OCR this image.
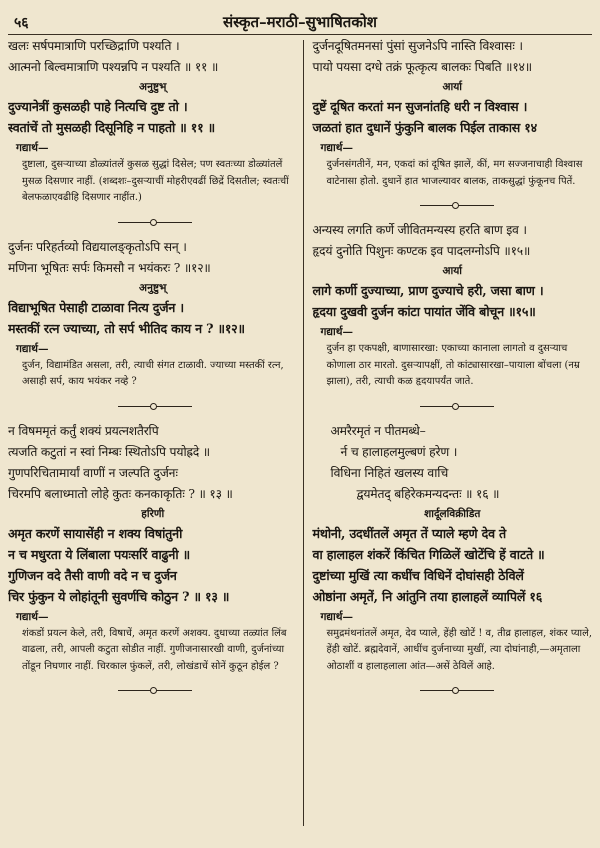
५६	संस्कृत–मराठी–सुभाषितकोश
खलः सर्षपमात्राणि परच्छिद्राणि पश्यति ।
आत्मनो बिल्वमात्राणि पश्यन्नपि न पश्यति ॥ ११ ॥
अनुष्टुभ्
दुज्यानेत्रीं कुसळही पाहे नित्यचि दुष्ट तो ।
स्वतांचें तो मुसळही दिसूनिहि न पाहतो ॥ ११ ॥
गद्यार्थ—
दुष्टाला, दुसऱ्याच्या डोळ्यांतलें कुसळ सुद्धां दिसेल; पण स्वतःच्या डोळ्यांतलें मुसळ दिसणार नाहीं. (शब्दशः–दुसऱ्याचीं मोहरीएवढीं छिद्रें दिसतील; स्वतःचीं बेलफळाएवढीहि दिसणार नाहींत.)
दुर्जनः परिहर्तव्यो विद्ययालङ्कृतोऽपि सन् ।
मणिना भूषितः सर्पः किमसौ न भयंकरः ? ॥१२॥
अनुष्टुभ्
विद्याभूषित पेसाही टाळावा नित्य दुर्जन ।
मस्तकीं रत्न ज्याच्या, तो सर्प भीतिद काय न ? ॥१२॥
गद्यार्थ—
दुर्जन, विद्यामंडित असला, तरी, त्याची संगत टाळावी. ज्याच्या मस्तकीं रत्न, असाही सर्प, काय भयंकर नव्हे ?
न विषममृतं कर्तुं शक्यं प्रयत्नशतैरपि
त्यजति कटुतां न स्वां निम्बः स्थितोऽपि पयोह्रदे ॥
गुणपरिचितामार्यां वाणीं न जल्पति दुर्जनः
चिरमपि बलाध्मातो लोहे कुतः कनकाकृतिः ? ॥ १३ ॥
हरिणी
अमृत करणें सायासेंही न शक्य विषांतुनी
न च मधुरता ये लिंबाला पयःसरिं वाढुनी ॥
गुणिजन वदे तैसी वाणी वदे न च दुर्जन
चिर फुंकुन ये लोहांतूनी सुवर्णचि कोठुन ? ॥ १३ ॥
गद्यार्थ—
शंकडों प्रयत्न केले, तरी, विषाचें, अमृत करणें अशक्य. दुधाच्या तळ्यांत लिंब वाढला, तरी, आपली कटुता सोडीत नाहीं. गुणीजनासारखी वाणी, दुर्जनांच्या तोंडून निघणार नाहीं. चिरकाल फुंकलें, तरी, लोखंडाचें सोनें कुठून होईल ?
दुर्जनदूषितमनसां पुंसां सुजनेऽपि नास्ति विश्वासः ।
पायो पयसा दग्धे तक्रं फूत्कृत्य बालकः पिबति ॥१४॥
आर्या
दुष्टें दूषित करतां मन सुजनांतहि धरी न विश्वास ।
जळतां हात दुधानें फुंकुनि बालक पिईल ताकास १४
गद्यार्थ—
दुर्जनसंगतीनें, मन, एकदां कां दूषित झालें, कीं, मग सज्जनाचाही विश्वास वाटेनासा होतो. दुधानें हात भाजल्यावर बालक, ताकसुद्धां फुंकूनच पितें.
अन्यस्य लगति कर्णे जीवितमन्यस्य हरति बाण इव ।
हृदयं दुनोति पिशुनः कण्टक इव पादलग्नोऽपि ॥१५॥
आर्या
लागे कर्णी दुज्याच्या, प्राण दुज्याचे हरी, जसा बाण ।
हृदया दुखवी दुर्जन कांटा पायांत जेंवि बोचून ॥१५॥
गद्यार्थ—
दुर्जन हा एकपक्षी, बाणासारखा: एकाच्या कानाला लागतो व दुसऱ्याच कोणाला ठार मारतो. दुसऱ्यापक्षीं, तो कांट्यासारखा–पायाला बोंचला (नम्र झाला), तरी, त्याची कळ हृदयापर्यंत जाते.
अमरैरमृतं न पीतमब्धे–
र्न च हालाहलमुल्बणं हरेण ।
विधिना निहितं खलस्य वाचि
द्वयमेतद् बहिरेकमन्यदन्तः ॥ १६ ॥
शार्दूलविक्रीडित
मंथोनी, उदधींतलें अमृत तें प्याले म्हणे देव ते
वा हालाहल शंकरें किंचित गिळिलें खोटेंचि हें वाटते ॥
दुष्टांच्या मुखिं त्या कधींच विधिनें दोघांसही ठेविलें
ओष्ठांना अमृतें, नि आंतुनि तया हालाहलें व्यापिलें १६
गद्यार्थ—
समुद्रमंथनांतलें अमृत, देव प्याले, हेंही खोटें ! व, तीव्र हालाहल, शंकर प्याले, हेंही खोटें. ब्रह्मदेवानें, आधींच दुर्जनाच्या मुखीं, त्या दोघांनाही,—अमृताला ओठाशीं व हालाहलाला आंत—असें ठेविलें आहे.
